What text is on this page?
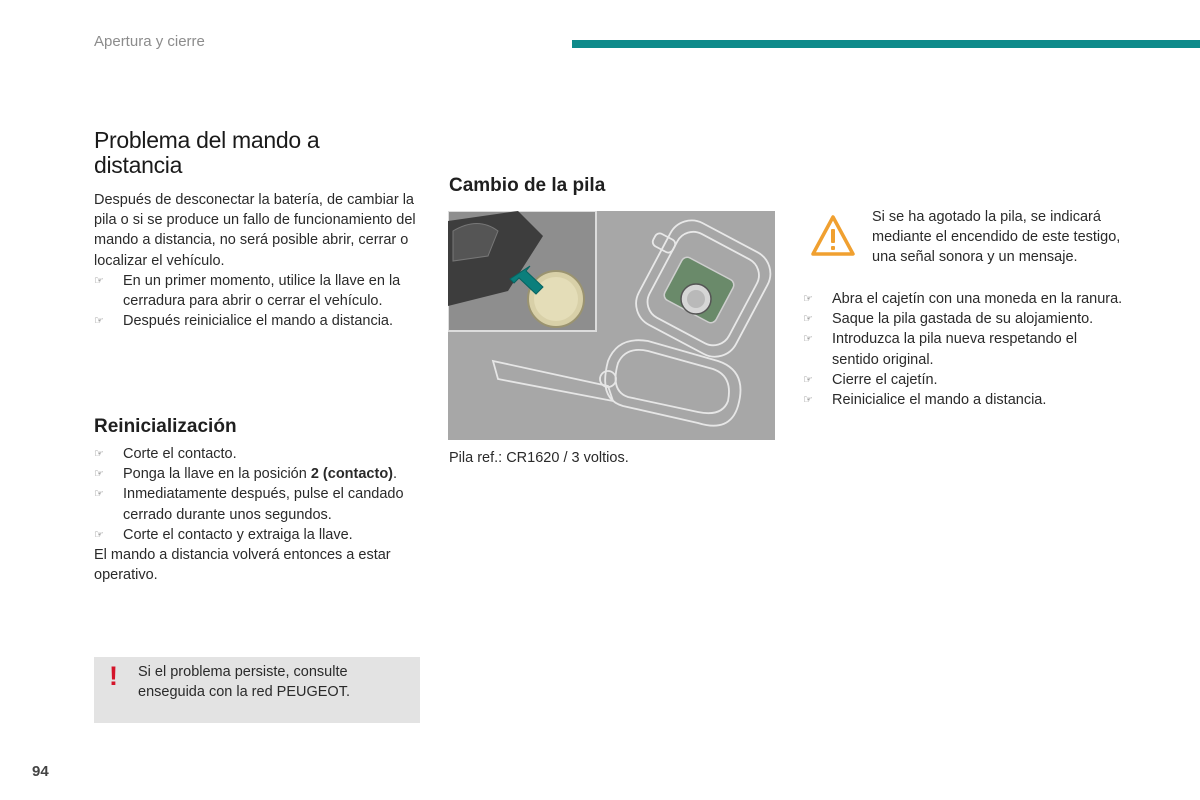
Apertura y cierre
Problema del mando a distancia

Después de desconectar la batería, de cambiar la pila o si se produce un fallo de funcionamiento del mando a distancia, no será posible abrir, cerrar o localizar el vehículo.

☞	En un primer momento, utilice la llave en la cerradura para abrir o cerrar el vehículo.
☞	Después reinicialice el mando a distancia.
Reinicialización
☞	Corte el contacto.
☞	Ponga la llave en la posición 2 (contacto).
☞	Inmediatamente después, pulse el candado cerrado durante unos segundos.
☞	Corte el contacto y extraiga la llave.

El mando a distancia volverá entonces a estar operativo.

! Si el problema persiste, consulte enseguida con la red PEUGEOT.
Cambio de la pila
Pila ref.: CR1620 / 3 voltios.
Si se ha agotado la pila, se indicará mediante el encendido de este testigo, una señal sonora y un mensaje.
☞	Abra el cajetín con una moneda en la ranura.
☞	Saque la pila gastada de su alojamiento.
☞	Introduzca la pila nueva respetando el sentido original.
☞	Cierre el cajetín.
☞	Reinicialice el mando a distancia.
94
